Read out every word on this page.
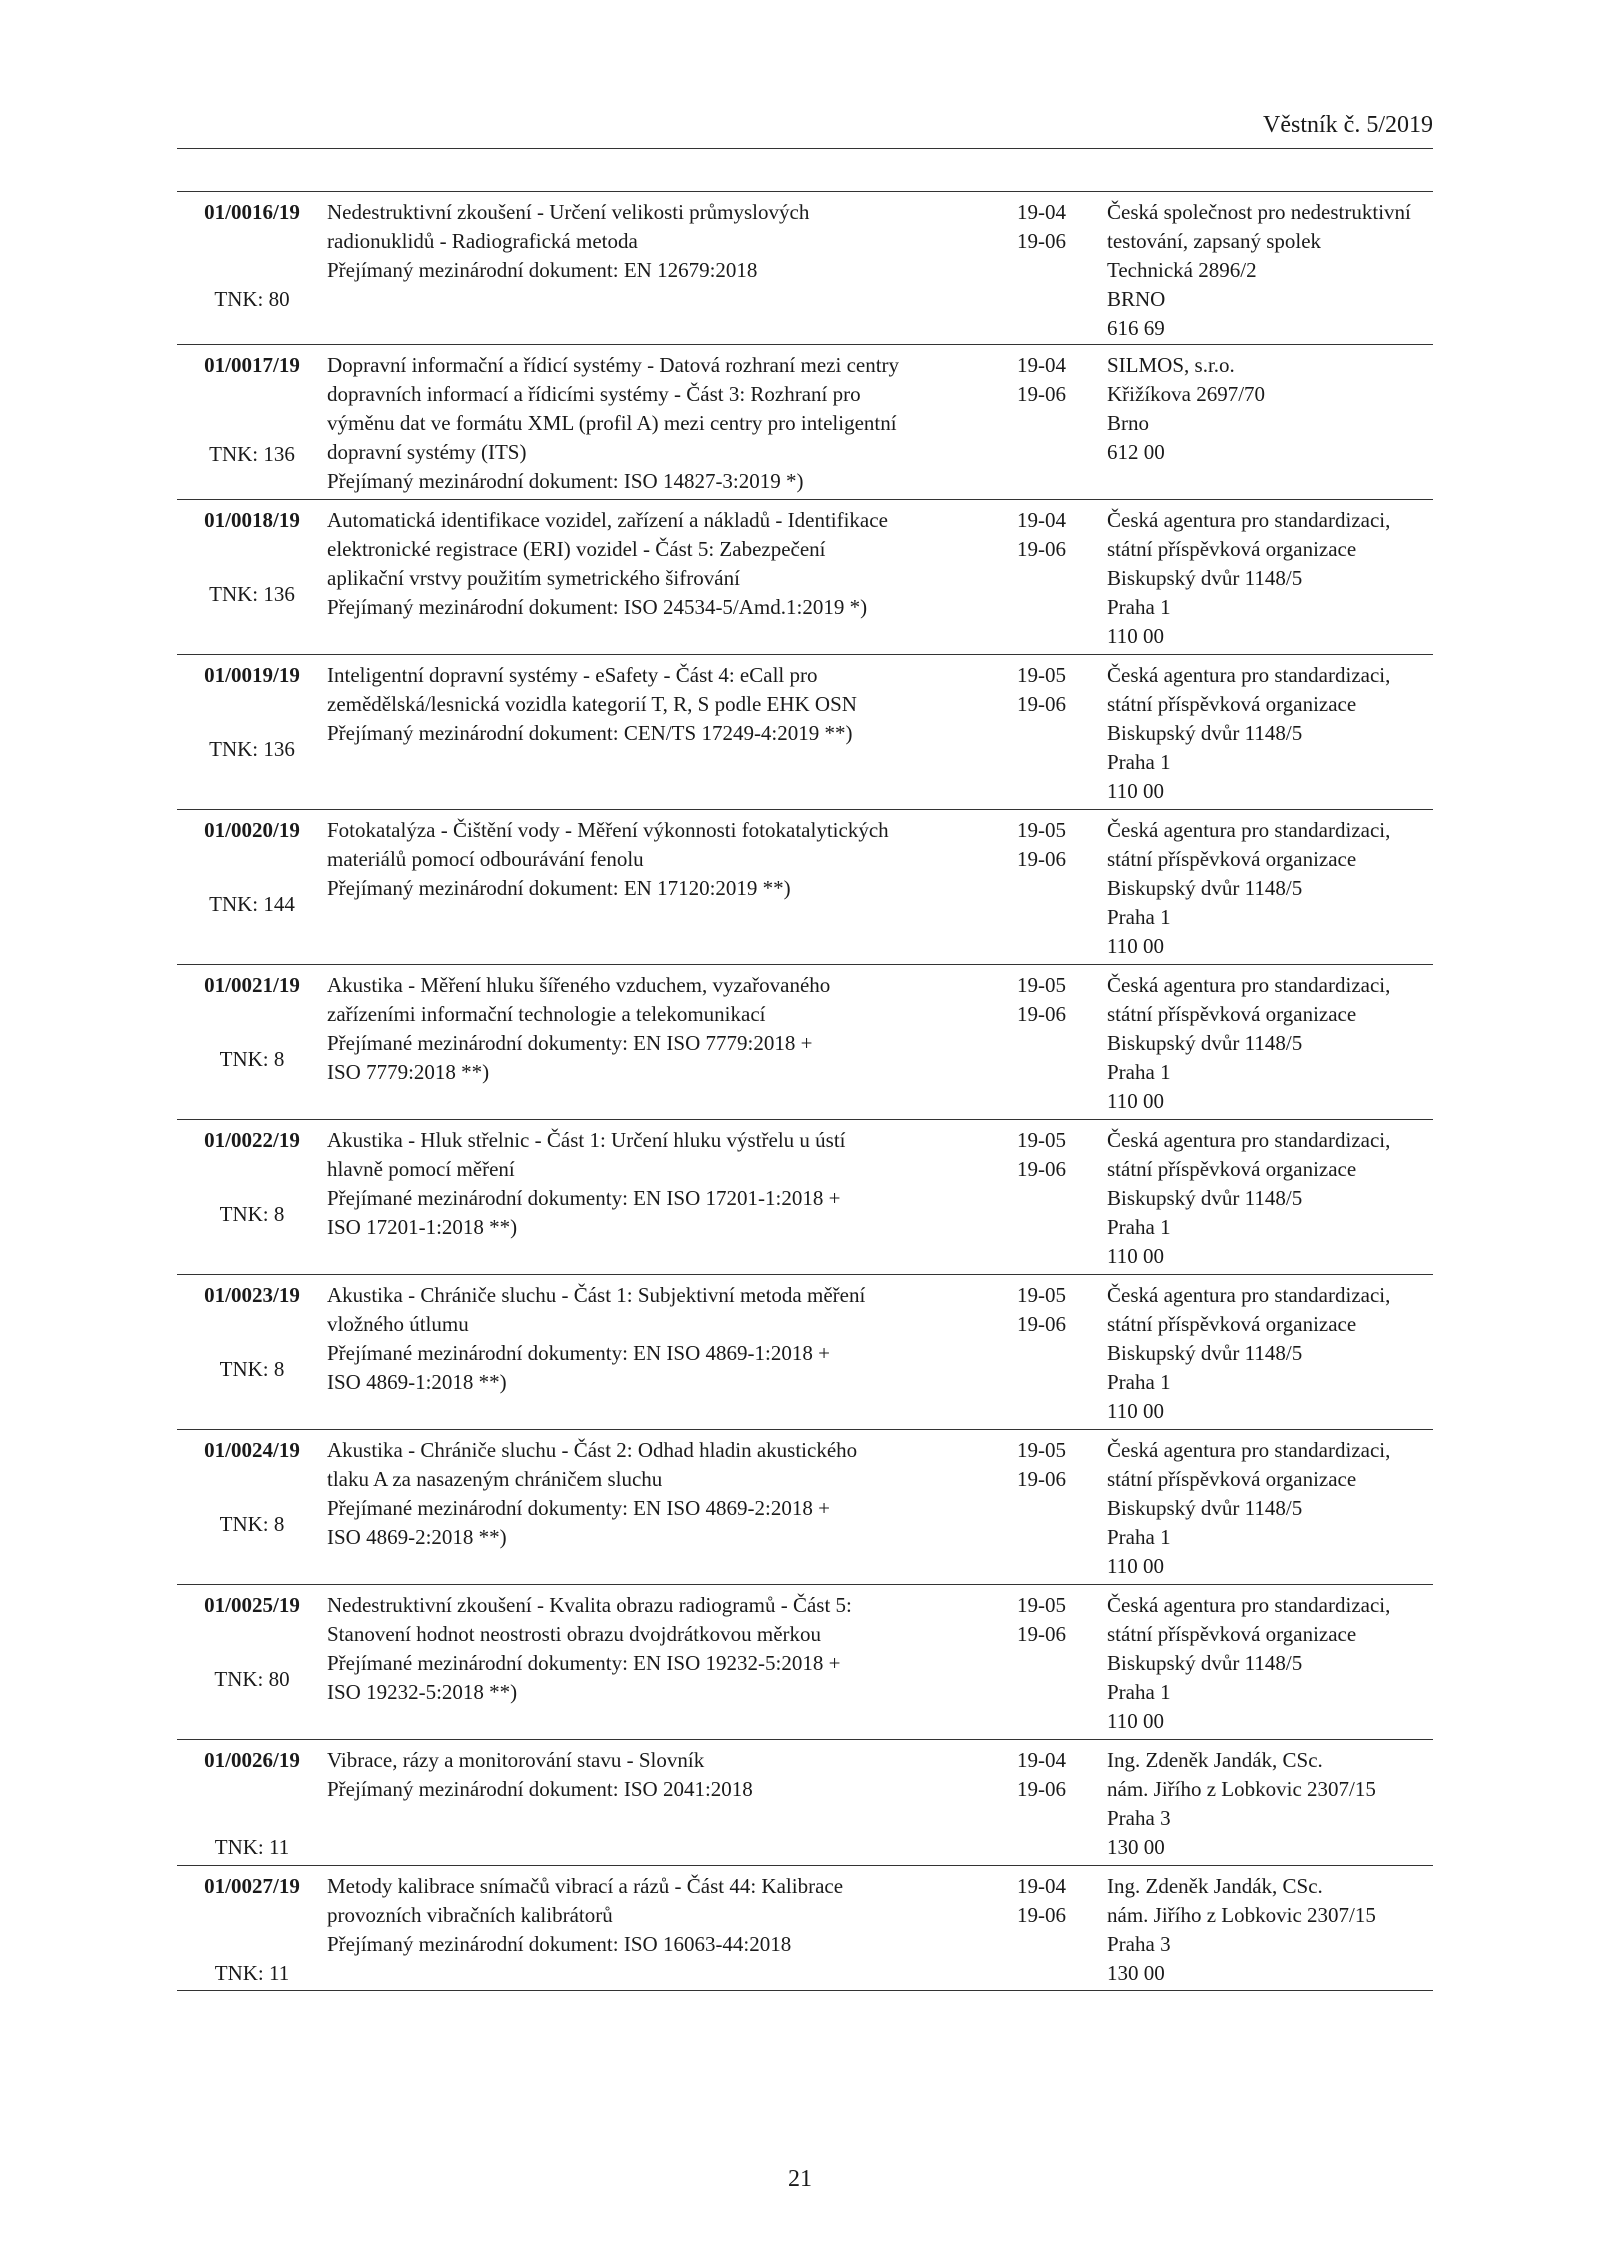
Věstník č. 5/2019
01/0016/19
TNK: 80
Nedestruktivní zkoušení - Určení velikosti průmyslových
radionuklidů - Radiografická metoda
Přejímaný mezinárodní dokument: EN 12679:2018
19-04
19-06
Česká společnost pro nedestruktivní
testování, zapsaný spolek
Technická 2896/2
BRNO
616 69
01/0017/19
TNK: 136
Dopravní informační a řídicí systémy - Datová rozhraní mezi centry
dopravních informací a řídicími systémy - Část 3: Rozhraní pro
výměnu dat ve formátu XML (profil A) mezi centry pro inteligentní
dopravní systémy (ITS)
Přejímaný mezinárodní dokument: ISO 14827-3:2019 *)
19-04
19-06
SILMOS, s.r.o.
Křižíkova 2697/70
Brno
612 00
01/0018/19
TNK: 136
Automatická identifikace vozidel, zařízení a nákladů - Identifikace
elektronické registrace (ERI) vozidel - Část 5: Zabezpečení
aplikační vrstvy použitím symetrického šifrování
Přejímaný mezinárodní dokument: ISO 24534-5/Amd.1:2019 *)
19-04
19-06
Česká agentura pro standardizaci,
státní příspěvková organizace
Biskupský dvůr 1148/5
Praha 1
110 00
01/0019/19
TNK: 136
Inteligentní dopravní systémy - eSafety - Část 4: eCall pro
zemědělská/lesnická vozidla kategorií T, R, S podle EHK OSN
Přejímaný mezinárodní dokument: CEN/TS 17249-4:2019 **)
19-05
19-06
Česká agentura pro standardizaci,
státní příspěvková organizace
Biskupský dvůr 1148/5
Praha 1
110 00
01/0020/19
TNK: 144
Fotokatalýza - Čištění vody - Měření výkonnosti fotokatalytických
materiálů pomocí odbourávání fenolu
Přejímaný mezinárodní dokument: EN 17120:2019 **)
19-05
19-06
Česká agentura pro standardizaci,
státní příspěvková organizace
Biskupský dvůr 1148/5
Praha 1
110 00
01/0021/19
TNK: 8
Akustika - Měření hluku šířeného vzduchem, vyzařovaného
zařízeními informační technologie a telekomunikací
Přejímané mezinárodní dokumenty: EN ISO 7779:2018 +
ISO 7779:2018 **)
19-05
19-06
Česká agentura pro standardizaci,
státní příspěvková organizace
Biskupský dvůr 1148/5
Praha 1
110 00
01/0022/19
TNK: 8
Akustika - Hluk střelnic - Část 1: Určení hluku výstřelu u ústí
hlavně pomocí měření
Přejímané mezinárodní dokumenty: EN ISO 17201-1:2018 +
ISO 17201-1:2018 **)
19-05
19-06
Česká agentura pro standardizaci,
státní příspěvková organizace
Biskupský dvůr 1148/5
Praha 1
110 00
01/0023/19
TNK: 8
Akustika - Chrániče sluchu - Část 1: Subjektivní metoda měření
vložného útlumu
Přejímané mezinárodní dokumenty: EN ISO 4869-1:2018 +
ISO 4869-1:2018 **)
19-05
19-06
Česká agentura pro standardizaci,
státní příspěvková organizace
Biskupský dvůr 1148/5
Praha 1
110 00
01/0024/19
TNK: 8
Akustika - Chrániče sluchu - Část 2: Odhad hladin akustického
tlaku A za nasazeným chráničem sluchu
Přejímané mezinárodní dokumenty: EN ISO 4869-2:2018 +
ISO 4869-2:2018 **)
19-05
19-06
Česká agentura pro standardizaci,
státní příspěvková organizace
Biskupský dvůr 1148/5
Praha 1
110 00
01/0025/19
TNK: 80
Nedestruktivní zkoušení - Kvalita obrazu radiogramů - Část 5:
Stanovení hodnot neostrosti obrazu dvojdrátkovou měrkou
Přejímané mezinárodní dokumenty: EN ISO 19232-5:2018 +
ISO 19232-5:2018 **)
19-05
19-06
Česká agentura pro standardizaci,
státní příspěvková organizace
Biskupský dvůr 1148/5
Praha 1
110 00
01/0026/19
TNK: 11
Vibrace, rázy a monitorování stavu - Slovník
Přejímaný mezinárodní dokument: ISO 2041:2018
19-04
19-06
Ing. Zdeněk Jandák, CSc.
nám. Jiřího z Lobkovic 2307/15
Praha 3
130 00
01/0027/19
TNK: 11
Metody kalibrace snímačů vibrací a rázů - Část 44: Kalibrace
provozních vibračních kalibrátorů
Přejímaný mezinárodní dokument: ISO 16063-44:2018
19-04
19-06
Ing. Zdeněk Jandák, CSc.
nám. Jiřího z Lobkovic 2307/15
Praha 3
130 00
21
